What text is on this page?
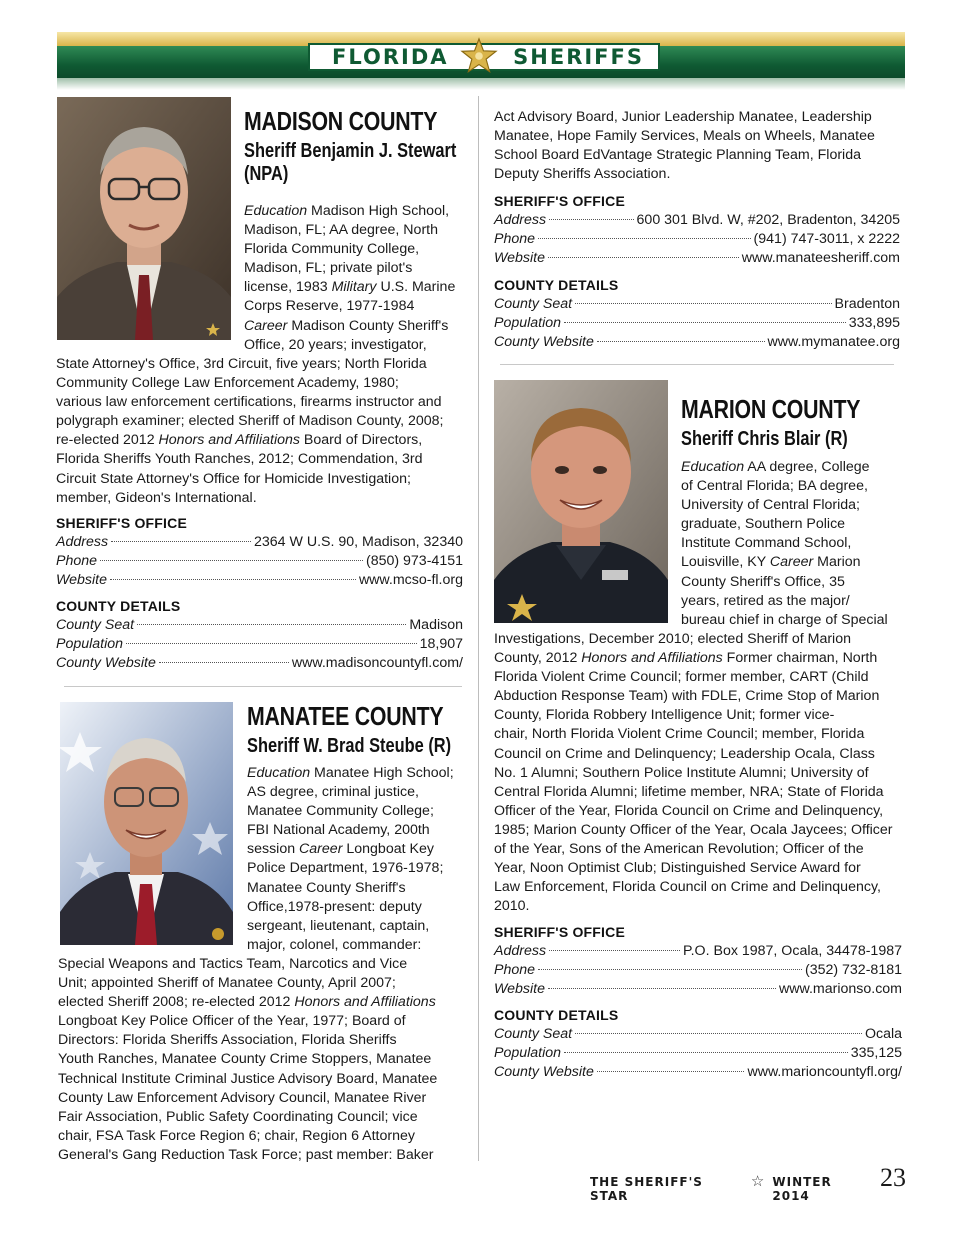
FLORIDA	SHERIFFS
MADISON COUNTY
Sheriff Benjamin J. Stewart
(NPA)
Education Madison High School,
Madison, FL; AA degree, North
Florida Community College,
Madison, FL; private pilot's
license, 1983 Military U.S. Marine
Corps Reserve, 1977-1984
Career Madison County Sheriff's
Office, 20 years; investigator,
State Attorney's Office, 3rd Circuit, five years; North Florida
Community College Law Enforcement Academy, 1980;
various law enforcement certifications, firearms instructor and
polygraph examiner; elected Sheriff of Madison County, 2008;
re-elected 2012 Honors and Affiliations Board of Directors,
Florida Sheriffs Youth Ranches, 2012; Commendation, 3rd
Circuit State Attorney's Office for Homicide Investigation;
member, Gideon's International.
SHERIFF'S OFFICE
Address	2364 W U.S. 90, Madison, 32340
Phone	(850) 973-4151
Website	www.mcso-fl.org
COUNTY DETAILS
County Seat	Madison
Population	18,907
County Website	www.madisoncountyfl.com/
MANATEE COUNTY
Sheriff W. Brad Steube (R)
Education Manatee High School;
AS degree, criminal justice,
Manatee Community College;
FBI National Academy, 200th
session Career Longboat Key
Police Department, 1976-1978;
Manatee County Sheriff's
Office,1978-present: deputy
sergeant, lieutenant, captain,
major, colonel, commander:
Special Weapons and Tactics Team, Narcotics and Vice
Unit; appointed Sheriff of Manatee County, April 2007;
elected Sheriff 2008; re-elected 2012 Honors and Affiliations
Longboat Key Police Officer of the Year, 1977; Board of
Directors: Florida Sheriffs Association, Florida Sheriffs
Youth Ranches, Manatee County Crime Stoppers, Manatee
Technical Institute Criminal Justice Advisory Board, Manatee
County Law Enforcement Advisory Council, Manatee River
Fair Association, Public Safety Coordinating Council; vice
chair, FSA Task Force Region 6; chair, Region 6 Attorney
General's Gang Reduction Task Force; past member: Baker
Act Advisory Board, Junior Leadership Manatee, Leadership
Manatee, Hope Family Services, Meals on Wheels, Manatee
School Board EdVantage Strategic Planning Team, Florida
Deputy Sheriffs Association.
SHERIFF'S OFFICE
Address	600 301 Blvd. W, #202, Bradenton, 34205
Phone	(941) 747-3011, x 2222
Website	www.manateesheriff.com
COUNTY DETAILS
County Seat	Bradenton
Population	333,895
County Website	www.mymanatee.org
MARION COUNTY
Sheriff Chris Blair (R)
Education AA degree, College
of Central Florida; BA degree,
University of Central Florida;
graduate, Southern Police
Institute Command School,
Louisville, KY Career Marion
County Sheriff's Office, 35
years, retired as the major/
bureau chief in charge of Special
Investigations, December 2010; elected Sheriff of Marion
County, 2012 Honors and Affiliations Former chairman, North
Florida Violent Crime Council; former member, CART (Child
Abduction Response Team) with FDLE, Crime Stop of Marion
County, Florida Robbery Intelligence Unit; former vice-
chair, North Florida Violent Crime Council; member, Florida
Council on Crime and Delinquency; Leadership Ocala, Class
No. 1 Alumni; Southern Police Institute Alumni; University of
Central Florida Alumni; lifetime member, NRA; State of Florida
Officer of the Year, Florida Council on Crime and Delinquency,
1985; Marion County Officer of the Year, Ocala Jaycees; Officer
of the Year, Sons of the American Revolution; Officer of the
Year, Noon Optimist Club; Distinguished Service Award for
Law Enforcement, Florida Council on Crime and Delinquency,
2010.
SHERIFF'S OFFICE
Address	P.O. Box 1987, Ocala, 34478-1987
Phone	(352) 732-8181
Website	www.marionso.com
COUNTY DETAILS
County Seat	Ocala
Population	335,125
County Website	www.marioncountyfl.org/
THE SHERIFF'S STAR
☆ WINTER 2014
23
